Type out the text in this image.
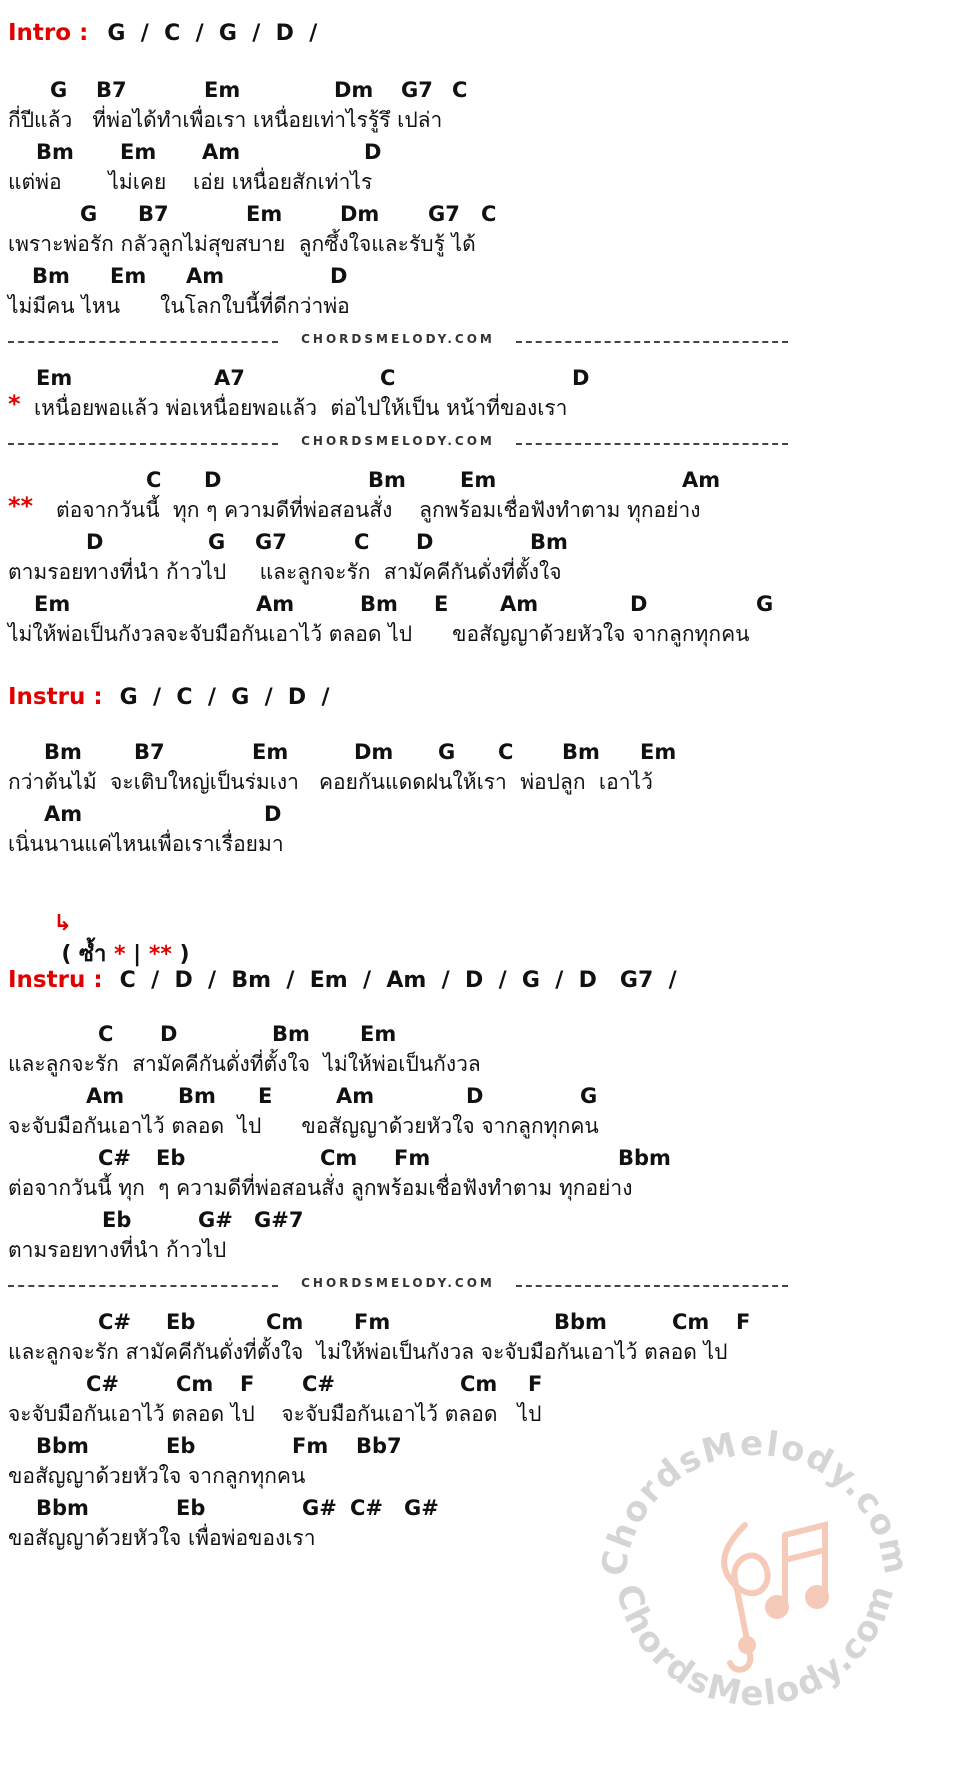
Intro : G  /  C  /  G  /  D  /
G B7	Em	Dm G7 C
กี่ปีแล้ว   ที่พ่อได้ทำเพื่อเรา เหนื่อยเท่าไรรู้รึ เปล่า
Bm Em Am	D
แต่พ่อ       ไม่เคย    เอ่ย เหนื่อยสักเท่าไร
G B7	Em	Dm G7 C
เพราะพ่อรัก กลัวลูกไม่สุขสบาย  ลูกซึ้งใจและรับรู้ ได้
Bm Em Am	D
ไม่มีคน ไหน      ในโลกใบนี้ที่ดีกว่าพ่อ
CHORDSMELODY.COM
Em	A7	C	D
* เหนื่อยพอแล้ว พ่อเหนื่อยพอแล้ว  ต่อไปให้เป็น หน้าที่ของเรา
CHORDSMELODY.COM
C D	Bm	Em	Am
** ต่อจากวันนี้  ทุก ๆ ความดีที่พ่อสอนสั่ง    ลูกพร้อมเชื่อฟังทำตาม ทุกอย่าง
D	G G7	C D	Bm
ตามรอยทางที่นำ ก้าวไป     และลูกจะรัก  สามัคคีกันดั่งที่ตั้งใจ
Em	Am	Bm E Am	D	G
ไม่ให้พ่อเป็นกังวลจะจับมือกันเอาไว้ ตลอด ไป      ขอสัญญาด้วยหัวใจ จากลูกทุกคน
Instru : G  /  C  /  G  /  D  /
Bm B7	Em	Dm G C Bm Em
กว่าต้นไม้  จะเติบใหญ่เป็นร่มเงา   คอยกันแดดฝนให้เรา  พ่อปลูก  เอาไว้
Am	D
เนิ่นนานแค่ไหนเพื่อเราเรื่อยมา

↳
( ซ้ำ * | ** )

Instru : C  /  D  /  Bm  /  Em  /  Am  /  D  /  G  /  D   G7  /
C D	Bm Em
และลูกจะรัก  สามัคคีกันดั่งที่ตั้งใจ  ไม่ให้พ่อเป็นกังวล
Am	Bm E	Am	D	G
จะจับมือกันเอาไว้ ตลอด  ไป      ขอสัญญาด้วยหัวใจ จากลูกทุกคน
C# Eb	Cm Fm	Bbm
ต่อจากวันนี้ ทุก  ๆ ความดีที่พ่อสอนสั่ง ลูกพร้อมเชื่อฟังทำตาม ทุกอย่าง
Eb	G# G#7
ตามรอยทางที่นำ ก้าวไป
CHORDSMELODY.COM
C# Eb	Cm Fm	Bbm	Cm F
และลูกจะรัก สามัคคีกันดั่งที่ตั้งใจ  ไม่ให้พ่อเป็นกังวล จะจับมือกันเอาไว้ ตลอด ไป
C#	Cm F C#	Cm F
จะจับมือกันเอาไว้ ตลอด ไป    จะจับมือกันเอาไว้ ตลอด   ไป
Bbm	Eb	Fm Bb7
ขอสัญญาด้วยหัวใจ จากลูกทุกคน
Bbm	Eb	G# C# G#
ขอสัญญาด้วยหัวใจ เพื่อพ่อของเรา
ChordsMelody.com
ChordsMelody.com
